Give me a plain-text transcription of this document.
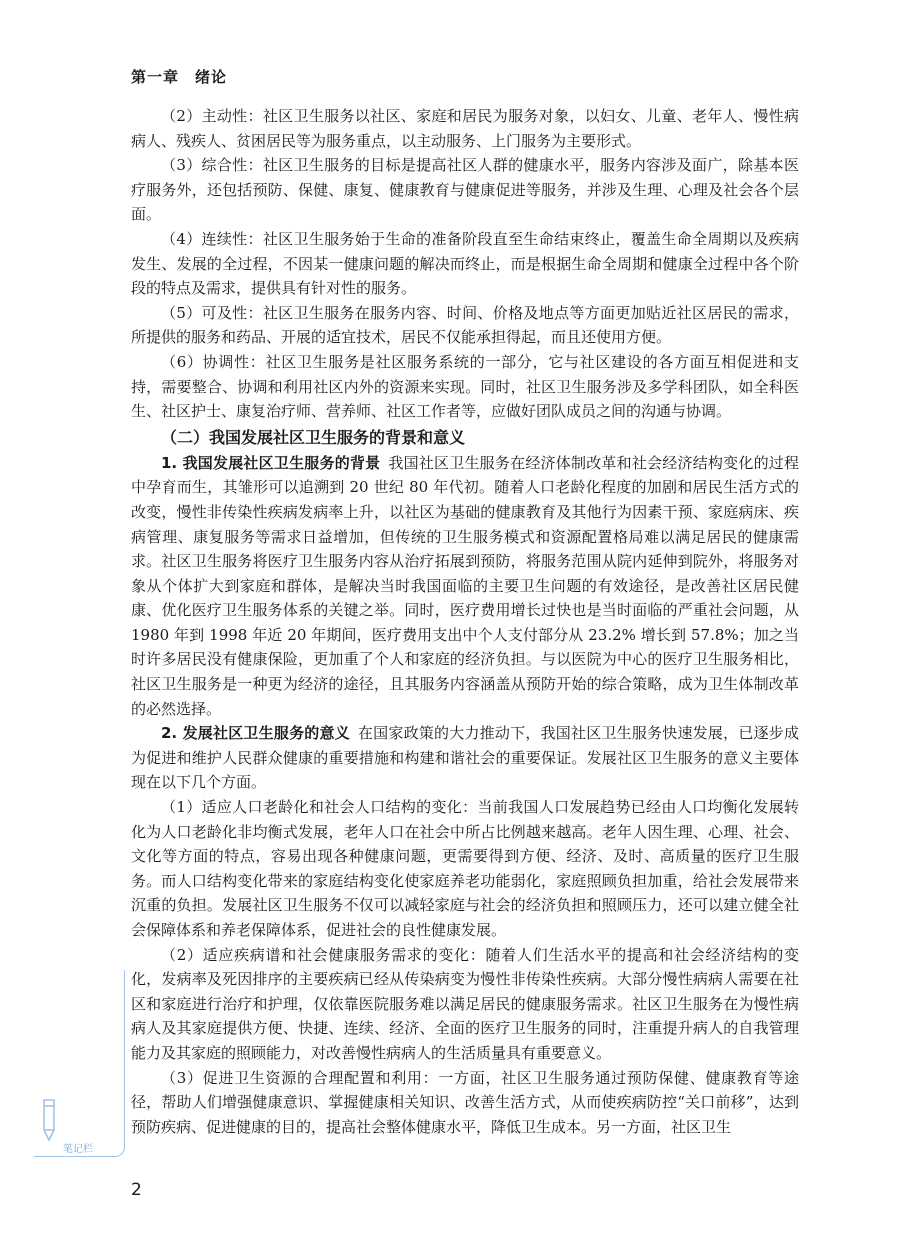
第一章　绪论

（2）主动性：社区卫生服务以社区、家庭和居民为服务对象，以妇女、儿童、老年人、慢性病病人、残疾人、贫困居民等为服务重点，以主动服务、上门服务为主要形式。

（3）综合性：社区卫生服务的目标是提高社区人群的健康水平，服务内容涉及面广，除基本医疗服务外，还包括预防、保健、康复、健康教育与健康促进等服务，并涉及生理、心理及社会各个层面。

（4）连续性：社区卫生服务始于生命的准备阶段直至生命结束终止，覆盖生命全周期以及疾病发生、发展的全过程，不因某一健康问题的解决而终止，而是根据生命全周期和健康全过程中各个阶段的特点及需求，提供具有针对性的服务。

（5）可及性：社区卫生服务在服务内容、时间、价格及地点等方面更加贴近社区居民的需求，所提供的服务和药品、开展的适宜技术，居民不仅能承担得起，而且还使用方便。

（6）协调性：社区卫生服务是社区服务系统的一部分，它与社区建设的各方面互相促进和支持，需要整合、协调和利用社区内外的资源来实现。同时，社区卫生服务涉及多学科团队，如全科医生、社区护士、康复治疗师、营养师、社区工作者等，应做好团队成员之间的沟通与协调。

（二）我国发展社区卫生服务的背景和意义

1. 我国发展社区卫生服务的背景 我国社区卫生服务在经济体制改革和社会经济结构变化的过程中孕育而生，其雏形可以追溯到 20 世纪 80 年代初。随着人口老龄化程度的加剧和居民生活方式的改变，慢性非传染性疾病发病率上升，以社区为基础的健康教育及其他行为因素干预、家庭病床、疾病管理、康复服务等需求日益增加，但传统的卫生服务模式和资源配置格局难以满足居民的健康需求。社区卫生服务将医疗卫生服务内容从治疗拓展到预防，将服务范围从院内延伸到院外，将服务对象从个体扩大到家庭和群体，是解决当时我国面临的主要卫生问题的有效途径，是改善社区居民健康、优化医疗卫生服务体系的关键之举。同时，医疗费用增长过快也是当时面临的严重社会问题，从 1980 年到 1998 年近 20 年期间，医疗费用支出中个人支付部分从 23.2% 增长到 57.8%；加之当时许多居民没有健康保险，更加重了个人和家庭的经济负担。与以医院为中心的医疗卫生服务相比，社区卫生服务是一种更为经济的途径，且其服务内容涵盖从预防开始的综合策略，成为卫生体制改革的必然选择。

2. 发展社区卫生服务的意义 在国家政策的大力推动下，我国社区卫生服务快速发展，已逐步成为促进和维护人民群众健康的重要措施和构建和谐社会的重要保证。发展社区卫生服务的意义主要体现在以下几个方面。

（1）适应人口老龄化和社会人口结构的变化：当前我国人口发展趋势已经由人口均衡化发展转化为人口老龄化非均衡式发展，老年人口在社会中所占比例越来越高。老年人因生理、心理、社会、文化等方面的特点，容易出现各种健康问题，更需要得到方便、经济、及时、高质量的医疗卫生服务。而人口结构变化带来的家庭结构变化使家庭养老功能弱化，家庭照顾负担加重，给社会发展带来沉重的负担。发展社区卫生服务不仅可以减轻家庭与社会的经济负担和照顾压力，还可以建立健全社会保障体系和养老保障体系，促进社会的良性健康发展。

（2）适应疾病谱和社会健康服务需求的变化：随着人们生活水平的提高和社会经济结构的变化，发病率及死因排序的主要疾病已经从传染病变为慢性非传染性疾病。大部分慢性病病人需要在社区和家庭进行治疗和护理，仅依靠医院服务难以满足居民的健康服务需求。社区卫生服务在为慢性病病人及其家庭提供方便、快捷、连续、经济、全面的医疗卫生服务的同时，注重提升病人的自我管理能力及其家庭的照顾能力，对改善慢性病病人的生活质量具有重要意义。

（3）促进卫生资源的合理配置和利用：一方面，社区卫生服务通过预防保健、健康教育等途径，帮助人们增强健康意识、掌握健康相关知识、改善生活方式，从而使疾病防控“关口前移”，达到预防疾病、促进健康的目的，提高社会整体健康水平，降低卫生成本。另一方面，社区卫生

笔记栏
2
